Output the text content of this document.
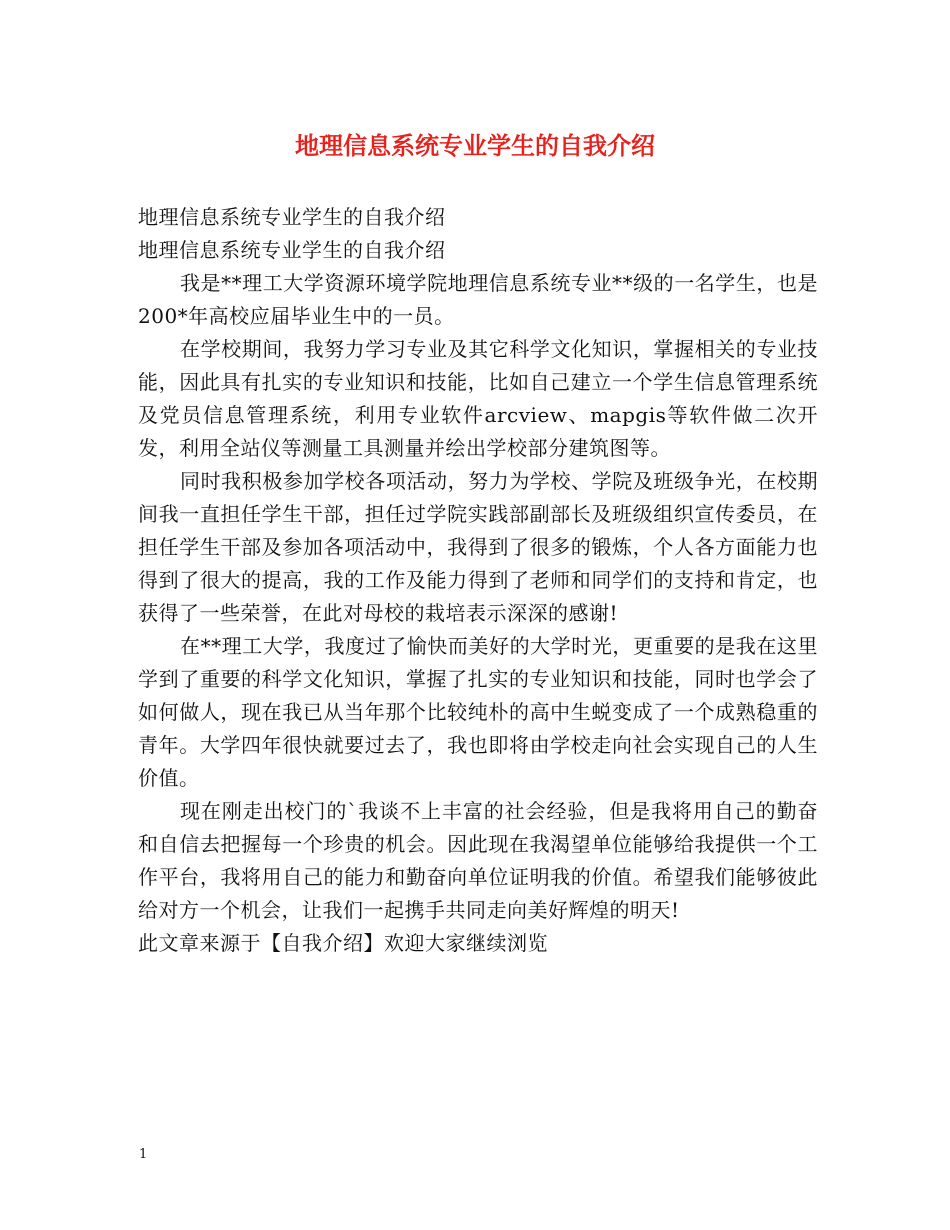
地理信息系统专业学生的自我介绍

地理信息系统专业学生的自我介绍

地理信息系统专业学生的自我介绍

我是**理工大学资源环境学院地理信息系统专业**级的一名学生，也是200*年高校应届毕业生中的一员。

在学校期间，我努力学习专业及其它科学文化知识，掌握相关的专业技能，因此具有扎实的专业知识和技能，比如自己建立一个学生信息管理系统及党员信息管理系统，利用专业软件arcview、mapgis等软件做二次开发，利用全站仪等测量工具测量并绘出学校部分建筑图等。

同时我积极参加学校各项活动，努力为学校、学院及班级争光，在校期间我一直担任学生干部，担任过学院实践部副部长及班级组织宣传委员，在担任学生干部及参加各项活动中，我得到了很多的锻炼，个人各方面能力也得到了很大的提高，我的工作及能力得到了老师和同学们的支持和肯定，也获得了一些荣誉，在此对母校的栽培表示深深的感谢!

在**理工大学，我度过了愉快而美好的大学时光，更重要的是我在这里学到了重要的科学文化知识，掌握了扎实的专业知识和技能，同时也学会了如何做人，现在我已从当年那个比较纯朴的高中生蜕变成了一个成熟稳重的青年。大学四年很快就要过去了，我也即将由学校走向社会实现自己的人生价值。

现在刚走出校门的`我谈不上丰富的社会经验，但是我将用自己的勤奋和自信去把握每一个珍贵的机会。因此现在我渴望单位能够给我提供一个工作平台，我将用自己的能力和勤奋向单位证明我的价值。希望我们能够彼此给对方一个机会，让我们一起携手共同走向美好辉煌的明天!

此文章来源于【自我介绍】欢迎大家继续浏览

1
